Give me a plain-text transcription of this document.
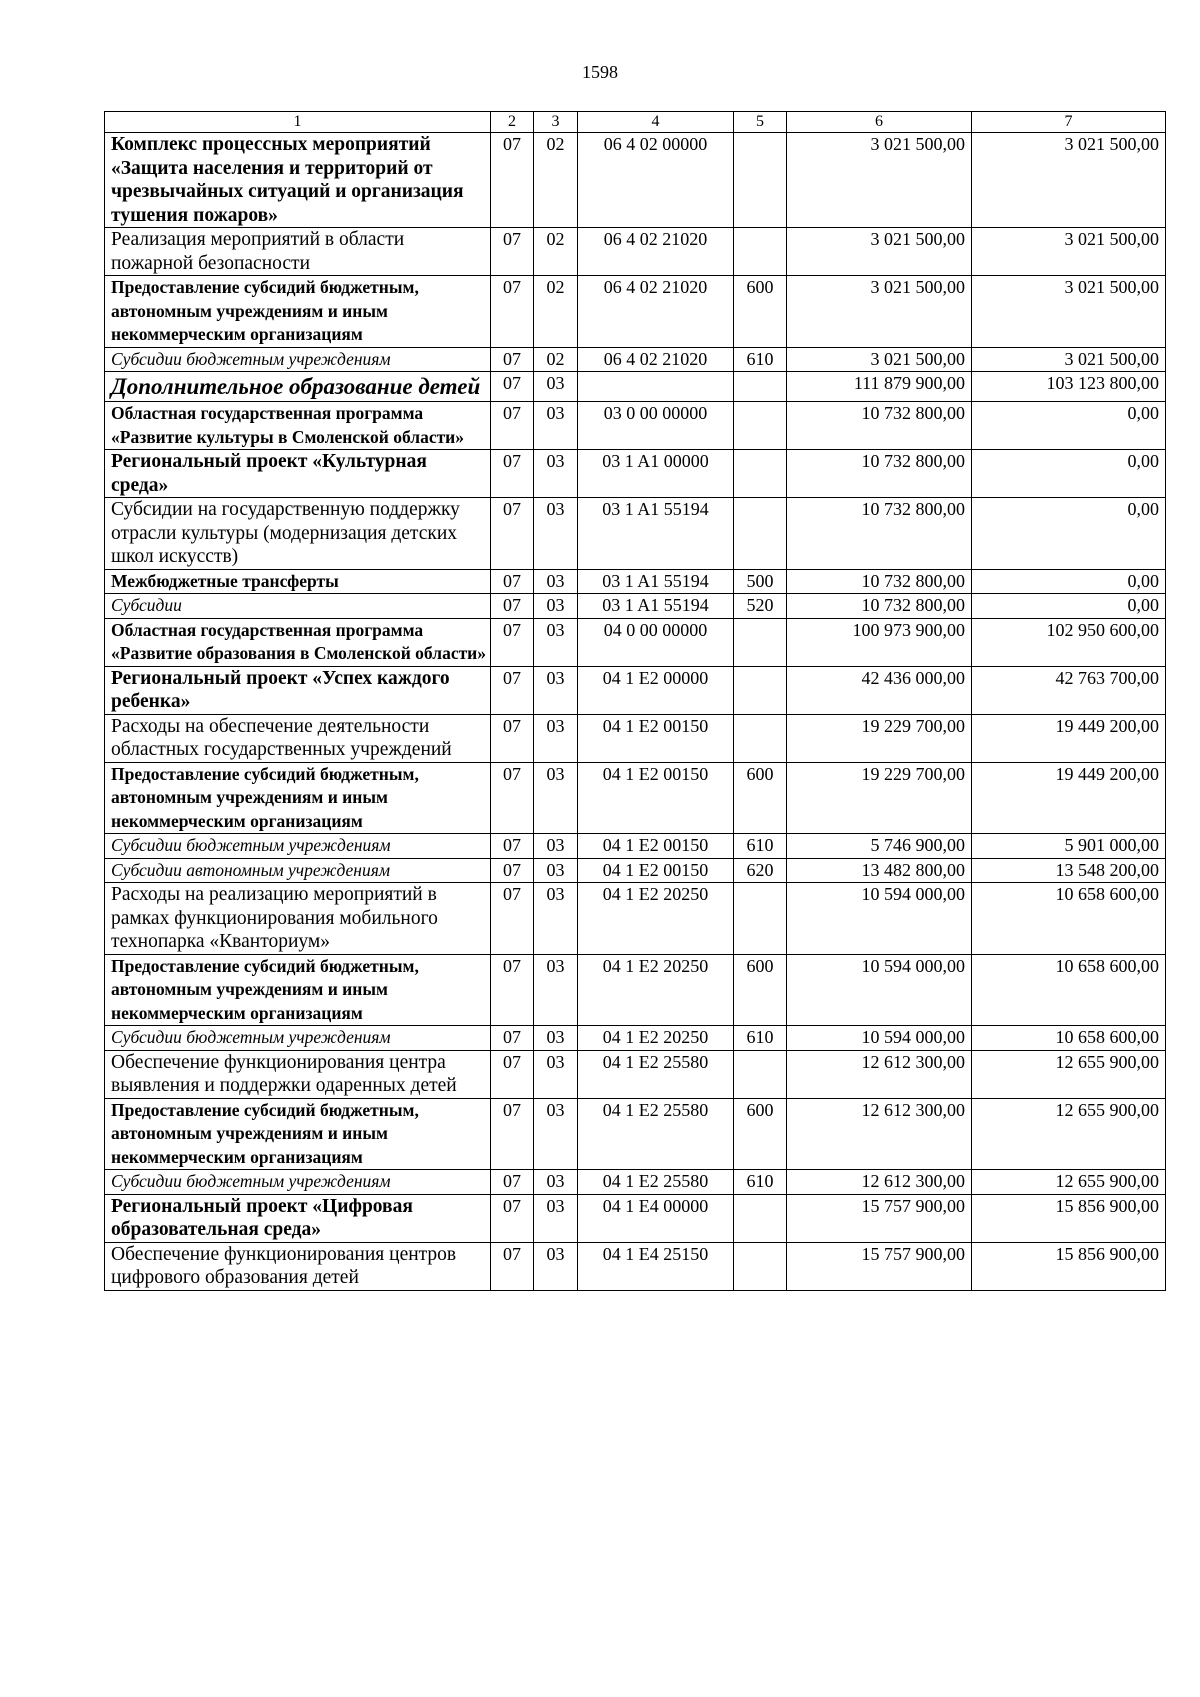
1598
1	2	3	4	5	6	7
Комплекс процессных мероприятий «Защита населения и территорий от чрезвычайных ситуаций и организация тушения пожаров»	07	02	06 4 02 00000		3 021 500,00	3 021 500,00
Реализация мероприятий в области пожарной безопасности	07	02	06 4 02 21020		3 021 500,00	3 021 500,00
Предоставление субсидий бюджетным, автономным учреждениям и иным некоммерческим организациям	07	02	06 4 02 21020	600	3 021 500,00	3 021 500,00
Субсидии бюджетным учреждениям	07	02	06 4 02 21020	610	3 021 500,00	3 021 500,00
Дополнительное образование детей	07	03			111 879 900,00	103 123 800,00
Областная государственная программа «Развитие культуры в Смоленской области»	07	03	03 0 00 00000		10 732 800,00	0,00
Региональный проект «Культурная среда»	07	03	03 1 A1 00000		10 732 800,00	0,00
Субсидии на государственную поддержку отрасли культуры (модернизация детских школ искусств)	07	03	03 1 A1 55194		10 732 800,00	0,00
Межбюджетные трансферты	07	03	03 1 A1 55194	500	10 732 800,00	0,00
Субсидии	07	03	03 1 A1 55194	520	10 732 800,00	0,00
Областная государственная программа «Развитие образования в Смоленской области»	07	03	04 0 00 00000		100 973 900,00	102 950 600,00
Региональный проект «Успех каждого ребенка»	07	03	04 1 E2 00000		42 436 000,00	42 763 700,00
Расходы на обеспечение деятельности областных государственных учреждений	07	03	04 1 E2 00150		19 229 700,00	19 449 200,00
Предоставление субсидий бюджетным, автономным учреждениям и иным некоммерческим организациям	07	03	04 1 E2 00150	600	19 229 700,00	19 449 200,00
Субсидии бюджетным учреждениям	07	03	04 1 E2 00150	610	5 746 900,00	5 901 000,00
Субсидии автономным учреждениям	07	03	04 1 E2 00150	620	13 482 800,00	13 548 200,00
Расходы на реализацию мероприятий в рамках функционирования мобильного технопарка «Кванториум»	07	03	04 1 E2 20250		10 594 000,00	10 658 600,00
Предоставление субсидий бюджетным, автономным учреждениям и иным некоммерческим организациям	07	03	04 1 E2 20250	600	10 594 000,00	10 658 600,00
Субсидии бюджетным учреждениям	07	03	04 1 E2 20250	610	10 594 000,00	10 658 600,00
Обеспечение функционирования центра выявления и поддержки одаренных детей	07	03	04 1 E2 25580		12 612 300,00	12 655 900,00
Предоставление субсидий бюджетным, автономным учреждениям и иным некоммерческим организациям	07	03	04 1 E2 25580	600	12 612 300,00	12 655 900,00
Субсидии бюджетным учреждениям	07	03	04 1 E2 25580	610	12 612 300,00	12 655 900,00
Региональный проект «Цифровая образовательная среда»	07	03	04 1 E4 00000		15 757 900,00	15 856 900,00
Обеспечение функционирования центров цифрового образования детей	07	03	04 1 E4 25150		15 757 900,00	15 856 900,00
